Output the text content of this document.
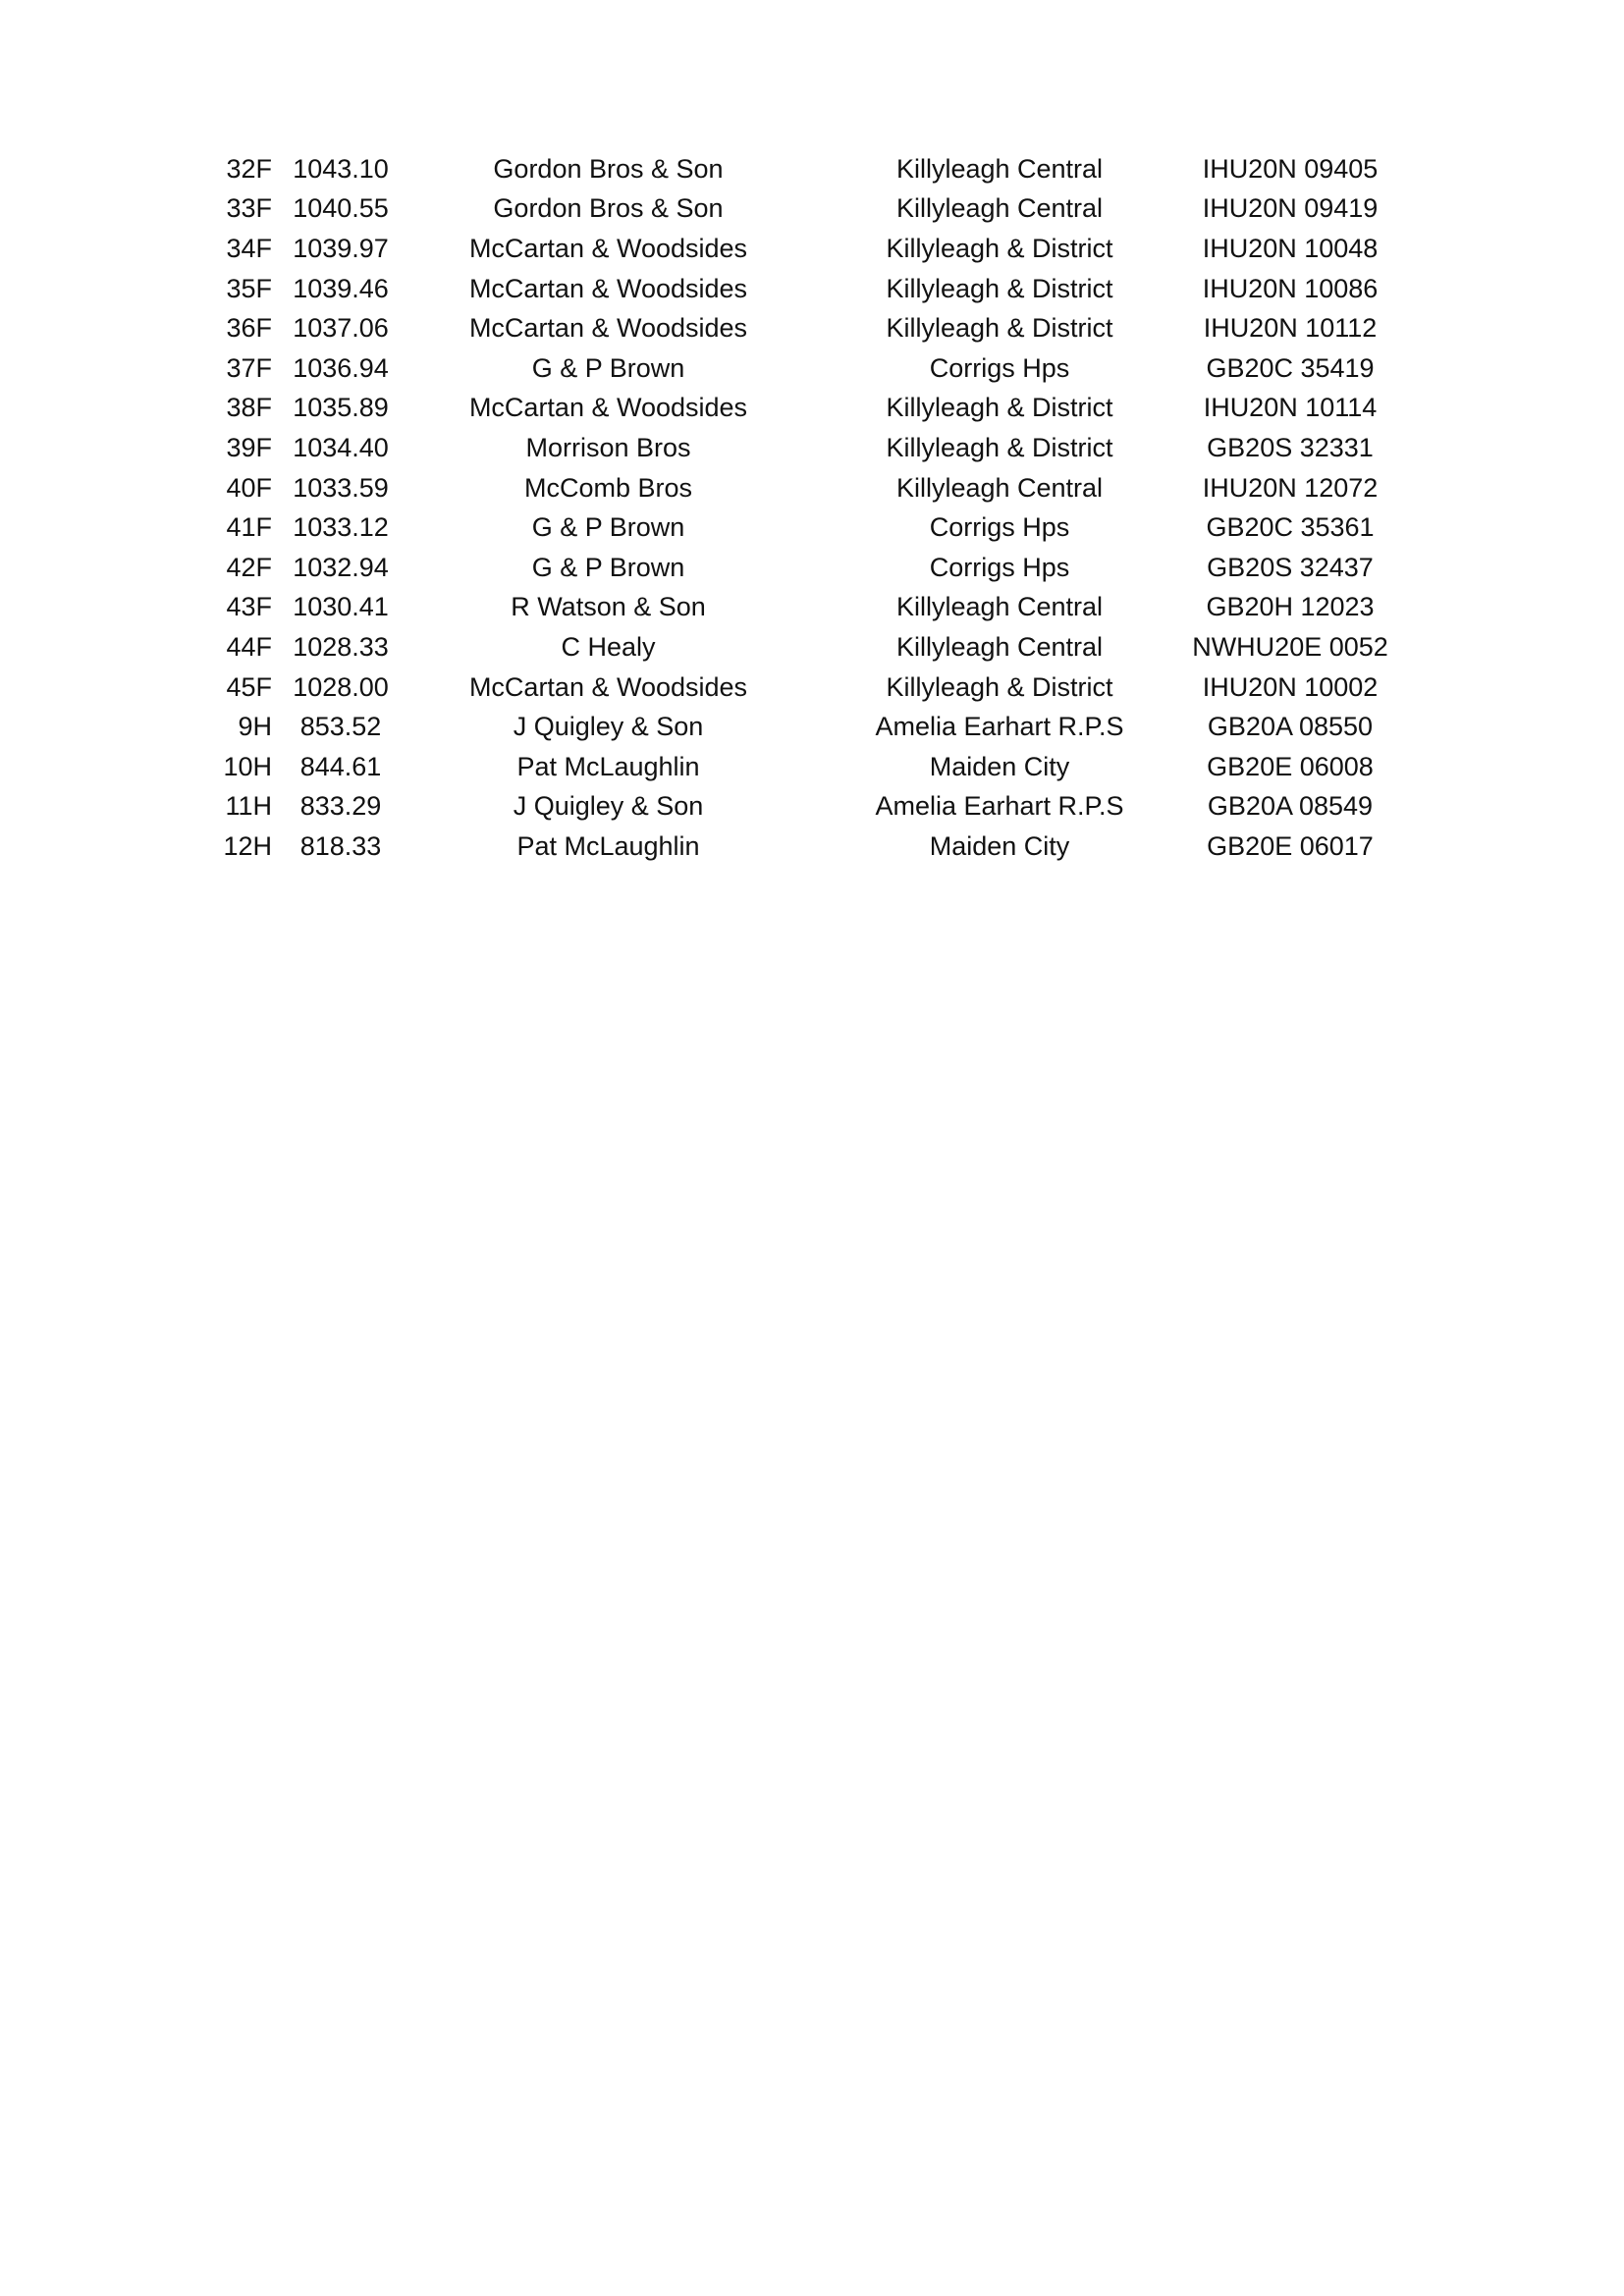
32F	1043.10	Gordon Bros & Son	Killyleagh Central	IHU20N 09405
33F	1040.55	Gordon Bros & Son	Killyleagh Central	IHU20N 09419
34F	1039.97	McCartan & Woodsides	Killyleagh & District	IHU20N 10048
35F	1039.46	McCartan & Woodsides	Killyleagh & District	IHU20N 10086
36F	1037.06	McCartan & Woodsides	Killyleagh & District	IHU20N 10112
37F	1036.94	G & P Brown	Corrigs Hps	GB20C 35419
38F	1035.89	McCartan & Woodsides	Killyleagh & District	IHU20N 10114
39F	1034.40	Morrison Bros	Killyleagh & District	GB20S 32331
40F	1033.59	McComb Bros	Killyleagh Central	IHU20N 12072
41F	1033.12	G & P Brown	Corrigs Hps	GB20C 35361
42F	1032.94	G & P Brown	Corrigs Hps	GB20S 32437
43F	1030.41	R Watson & Son	Killyleagh Central	GB20H 12023
44F	1028.33	C Healy	Killyleagh Central	NWHU20E 0052
45F	1028.00	McCartan & Woodsides	Killyleagh & District	IHU20N 10002
9H	853.52	J Quigley & Son	Amelia Earhart R.P.S	GB20A 08550
10H	844.61	Pat McLaughlin	Maiden City	GB20E 06008
11H	833.29	J Quigley & Son	Amelia Earhart R.P.S	GB20A 08549
12H	818.33	Pat McLaughlin	Maiden City	GB20E 06017
